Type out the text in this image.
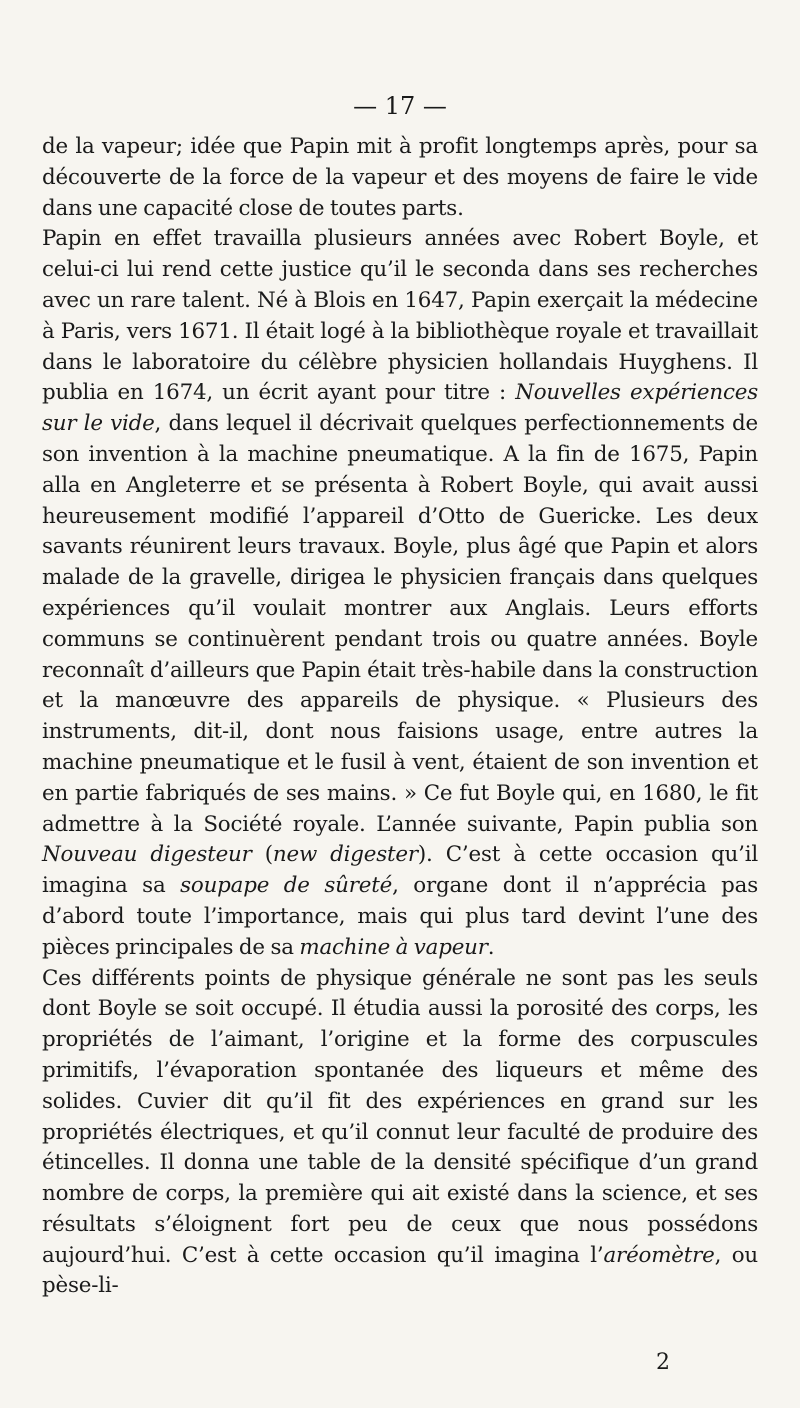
— 17 —

de la vapeur; idée que Papin mit à profit longtemps après, pour sa découverte de la force de la vapeur et des moyens de faire le vide dans une capacité close de toutes parts.

Papin en effet travailla plusieurs années avec Robert Boyle, et celui-ci lui rend cette justice qu’il le seconda dans ses recherches avec un rare talent. Né à Blois en 1647, Papin exerçait la médecine à Paris, vers 1671. Il était logé à la bibliothèque royale et travaillait dans le laboratoire du célèbre physicien hollandais Huyghens. Il publia en 1674, un écrit ayant pour titre : Nouvelles expériences sur le vide, dans lequel il décrivait quelques perfectionnements de son invention à la machine pneumatique. A la fin de 1675, Papin alla en Angleterre et se présenta à Robert Boyle, qui avait aussi heureusement modifié l’appareil d’Otto de Guericke. Les deux savants réunirent leurs travaux. Boyle, plus âgé que Papin et alors malade de la gravelle, dirigea le physicien français dans quelques expériences qu’il voulait montrer aux Anglais. Leurs efforts communs se continuèrent pendant trois ou quatre années. Boyle reconnaît d’ailleurs que Papin était très-habile dans la construction et la manœuvre des appareils de physique. « Plusieurs des instruments, dit-il, dont nous faisions usage, entre autres la machine pneumatique et le fusil à vent, étaient de son invention et en partie fabriqués de ses mains. » Ce fut Boyle qui, en 1680, le fit admettre à la Société royale. L’année suivante, Papin publia son Nouveau digesteur (new digester). C’est à cette occasion qu’il imagina sa soupape de sûreté, organe dont il n’apprécia pas d’abord toute l’importance, mais qui plus tard devint l’une des pièces principales de sa machine à vapeur.

Ces différents points de physique générale ne sont pas les seuls dont Boyle se soit occupé. Il étudia aussi la porosité des corps, les propriétés de l’aimant, l’origine et la forme des corpuscules primitifs, l’évaporation spontanée des liqueurs et même des solides. Cuvier dit qu’il fit des expériences en grand sur les propriétés électriques, et qu’il connut leur faculté de produire des étincelles. Il donna une table de la densité spécifique d’un grand nombre de corps, la première qui ait existé dans la science, et ses résultats s’éloignent fort peu de ceux que nous possédons aujourd’hui. C’est à cette occasion qu’il imagina l’aréomètre, ou pèse-li-

2
